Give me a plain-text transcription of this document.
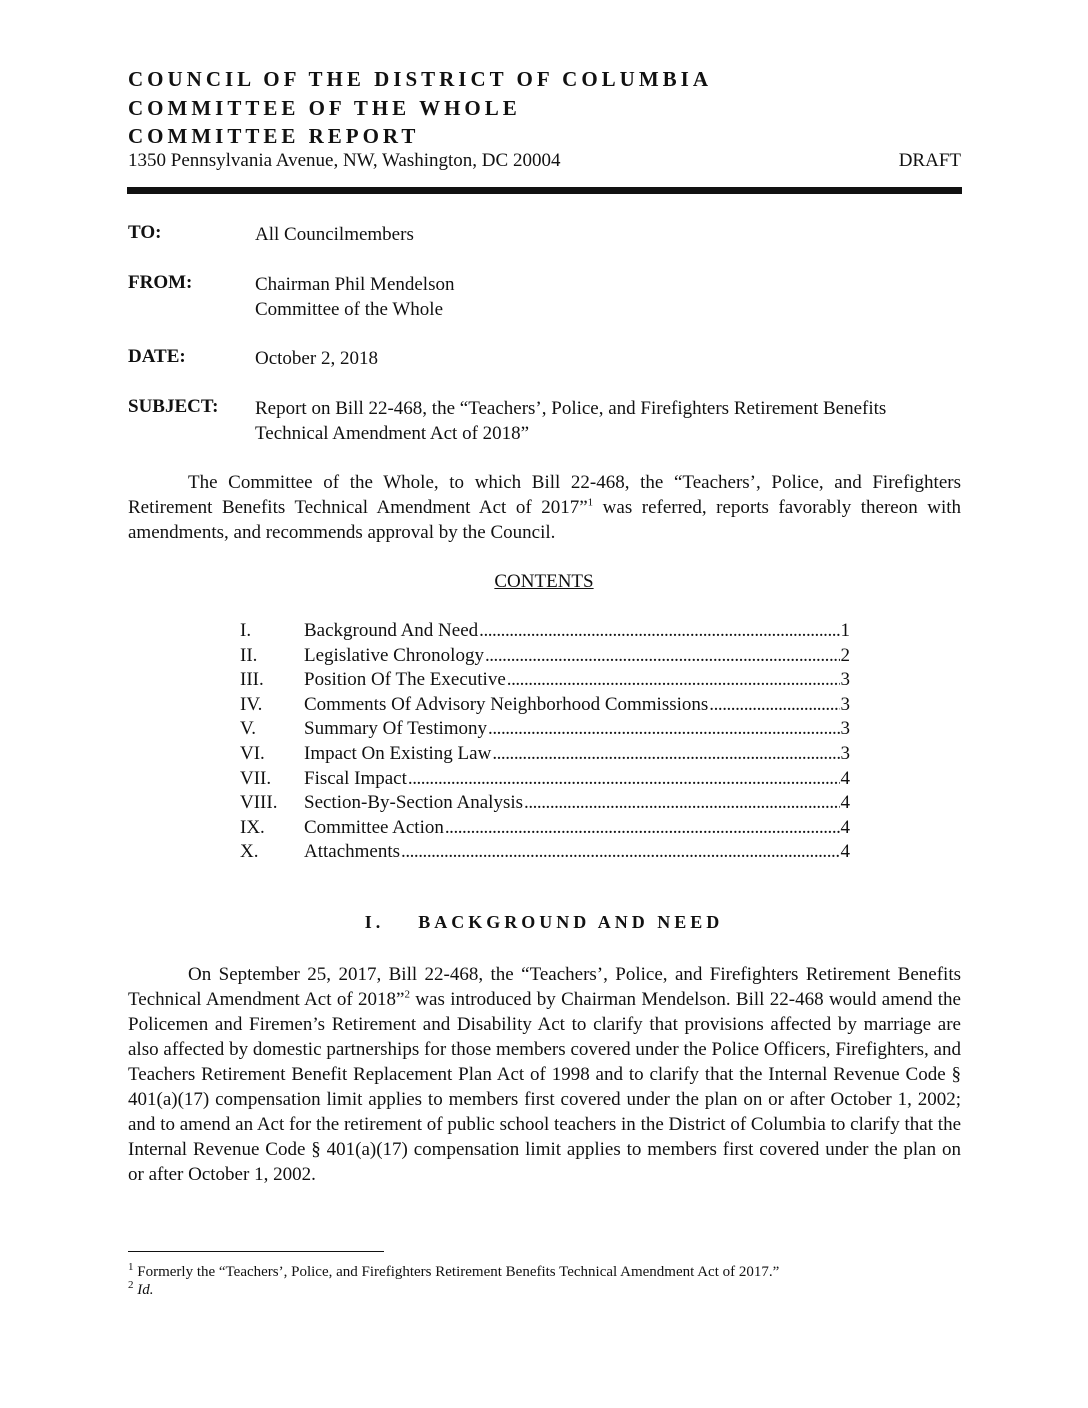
COUNCIL OF THE DISTRICT OF COLUMBIA
COMMITTEE OF THE WHOLE
COMMITTEE REPORT
1350 Pennsylvania Avenue, NW, Washington, DC 20004	DRAFT
TO:	All Councilmembers
FROM:	Chairman Phil Mendelson
Committee of the Whole
DATE:	October 2, 2018
SUBJECT: Report on Bill 22-468, the “Teachers’, Police, and Firefighters Retirement Benefits
Technical Amendment Act of 2018”
The Committee of the Whole, to which Bill 22-468, the “Teachers’, Police, and Firefighters Retirement Benefits Technical Amendment Act of 2017”$^1$ was referred, reports favorably thereon with amendments, and recommends approval by the Council.
CONTENTS
I.	Background And Need . . .	1
II.	Legislative Chronology . . .	2
III.	Position Of The Executive . . .	3
IV.	Comments Of Advisory Neighborhood Commissions . . .	3
V.	Summary Of Testimony . . .	3
VI.	Impact On Existing Law . . .	3
VII.	Fiscal Impact . . .	4
VIII.	Section-By-Section Analysis . . .	4
IX.	Committee Action . . .	4
X.	Attachments . . .	4
I.    BACKGROUND AND NEED
On September 25, 2017, Bill 22-468, the “Teachers’, Police, and Firefighters Retirement Benefits Technical Amendment Act of 2018”$^2$ was introduced by Chairman Mendelson. Bill 22-468 would amend the Policemen and Firemen’s Retirement and Disability Act to clarify that provisions affected by marriage are also affected by domestic partnerships for those members covered under the Police Officers, Firefighters, and Teachers Retirement Benefit Replacement Plan Act of 1998 and to clarify that the Internal Revenue Code § 401(a)(17) compensation limit applies to members first covered under the plan on or after October 1, 2002; and to amend an Act for the retirement of public school teachers in the District of Columbia to clarify that the Internal Revenue Code § 401(a)(17) compensation limit applies to members first covered under the plan on or after October 1, 2002.
$^1$ Formerly the “Teachers’, Police, and Firefighters Retirement Benefits Technical Amendment Act of 2017.”
$^2$ Id.
